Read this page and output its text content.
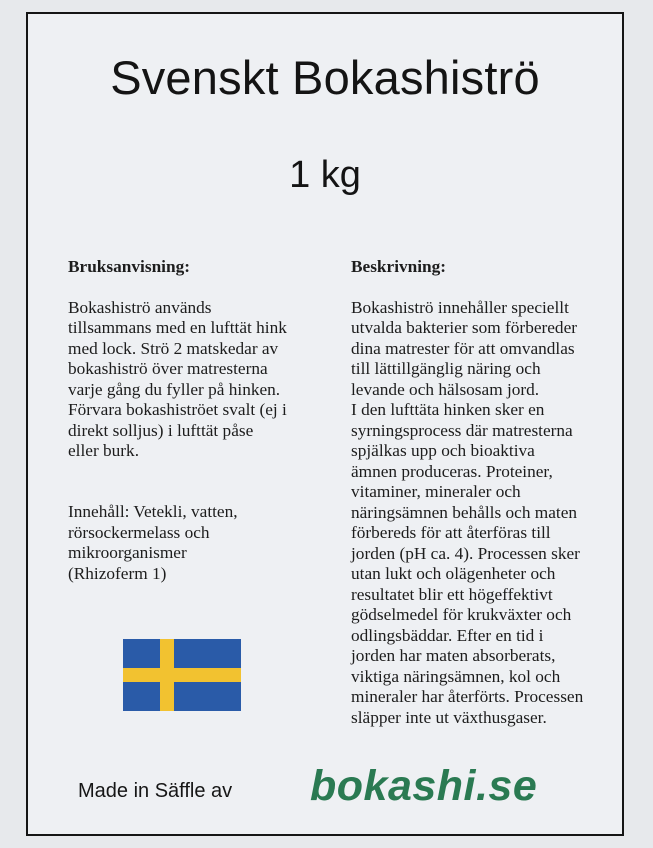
Svenskt Bokashiströ
1 kg

Bruksanvisning:

Bokashiströ används
tillsammans med en lufttät hink
med lock. Strö 2 matskedar av
bokashiströ över matresterna
varje gång du fyller på hinken.
Förvara bokashiströet svalt (ej i
direkt solljus) i lufttät påse
eller burk.

Innehåll: Vetekli, vatten,
rörsockermelass och
mikroorganismer
(Rhizoferm 1)

Beskrivning:

Bokashiströ innehåller speciellt
utvalda bakterier som förbereder
dina matrester för att omvandlas
till lättillgänglig näring och
levande och hälsosam jord.
I den lufttäta hinken sker en
syrningsprocess där matresterna
spjälkas upp och bioaktiva
ämnen produceras. Proteiner,
vitaminer, mineraler och
näringsämnen behålls och maten
förbereds för att återföras till
jorden (pH ca. 4). Processen sker
utan lukt och olägenheter och
resultatet blir ett högeffektivt
gödselmedel för krukväxter och
odlingsbäddar. Efter en tid i
jorden har maten absorberats,
viktiga näringsämnen, kol och
mineraler har återförts. Processen
släpper inte ut växthusgaser.

Made in Säffle av bokashi.se
